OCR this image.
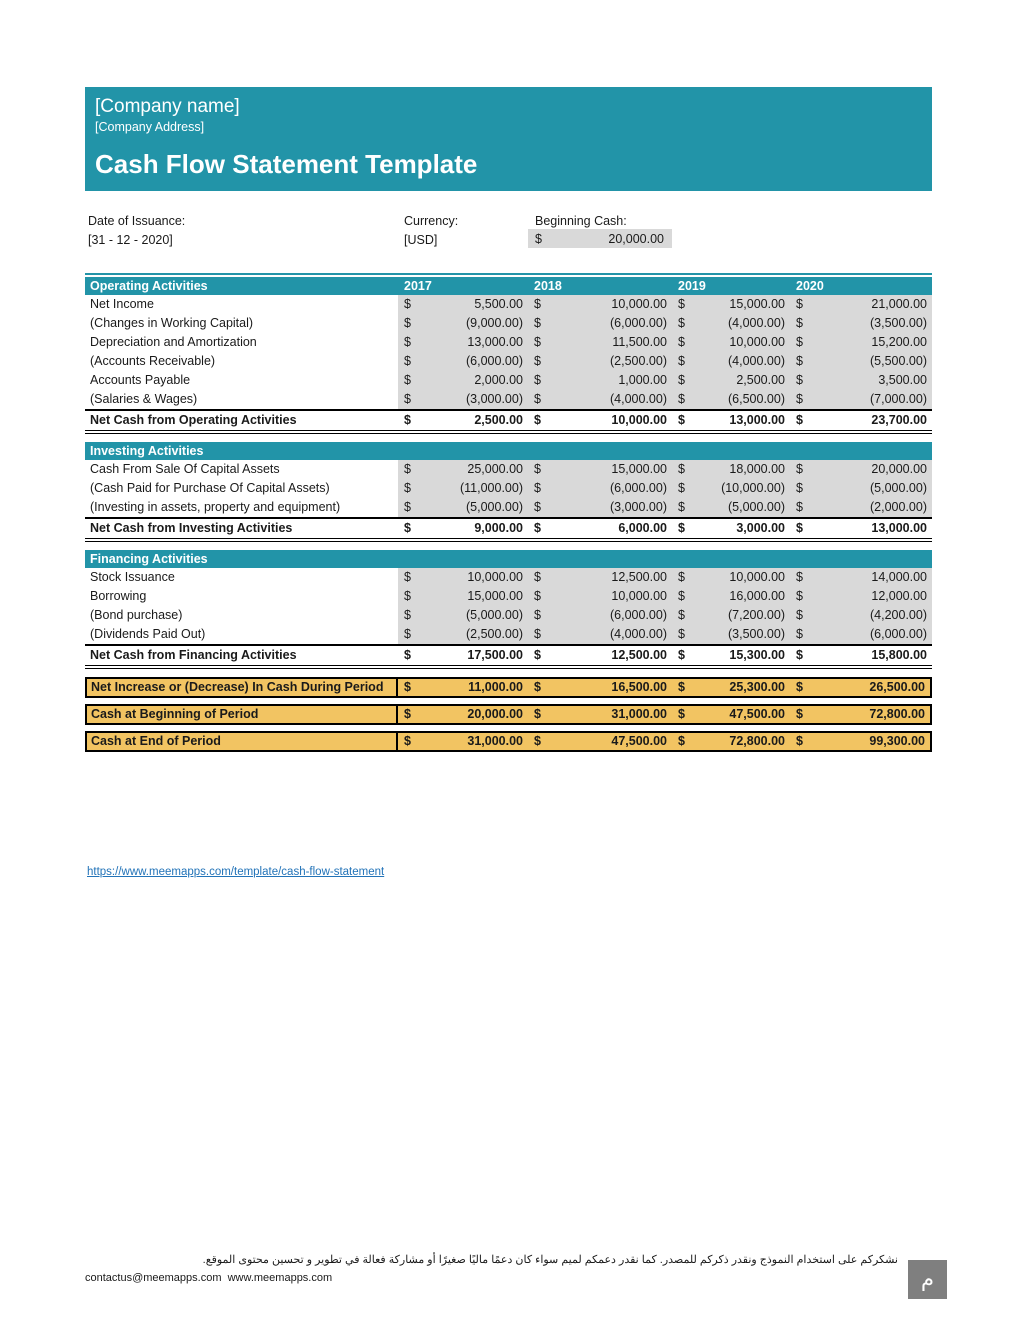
[Company name]
[Company Address]
Cash Flow Statement Template
Date of Issuance:
[31 - 12 - 2020]
Currency:
[USD]
Beginning Cash:
$	20,000.00
Operating Activities	2017	2018	2019	2020
Net Income	$	5,500.00 $	10,000.00 $	15,000.00 $	21,000.00
(Changes in Working Capital)	$	(9,000.00) $	(6,000.00) $	(4,000.00) $	(3,500.00)
Depreciation and Amortization	$	13,000.00 $	11,500.00 $	10,000.00 $	15,200.00
(Accounts Receivable)	$	(6,000.00) $	(2,500.00) $	(4,000.00) $	(5,500.00)
Accounts Payable	$	2,000.00 $	1,000.00 $	2,500.00 $	3,500.00
(Salaries & Wages)	$	(3,000.00) $	(4,000.00) $	(6,500.00) $	(7,000.00)
Net Cash from Operating Activities	$	2,500.00 $	10,000.00 $	13,000.00 $	23,700.00
Investing Activities
Cash From Sale Of Capital Assets	$	25,000.00 $	15,000.00 $	18,000.00 $	20,000.00
(Cash Paid for Purchase Of Capital Assets)	$	(11,000.00) $	(6,000.00) $	(10,000.00) $	(5,000.00)
(Investing in assets, property and equipment)	$	(5,000.00) $	(3,000.00) $	(5,000.00) $	(2,000.00)
Net Cash from Investing Activities	$	9,000.00 $	6,000.00 $	3,000.00 $	13,000.00
Financing Activities
Stock Issuance	$	10,000.00 $	12,500.00 $	10,000.00 $	14,000.00
Borrowing	$	15,000.00 $	10,000.00 $	16,000.00 $	12,000.00
(Bond purchase)	$	(5,000.00) $	(6,000.00) $	(7,200.00) $	(4,200.00)
(Dividends Paid Out)	$	(2,500.00) $	(4,000.00) $	(3,500.00) $	(6,000.00)
Net Cash from Financing Activities	$	17,500.00 $	12,500.00 $	15,300.00 $	15,800.00
Net Increase or (Decrease) In Cash During Period	$	11,000.00 $	16,500.00 $	25,300.00 $	26,500.00
Cash at Beginning of Period	$	20,000.00 $	31,000.00 $	47,500.00 $	72,800.00
Cash at End of Period	$	31,000.00 $	47,500.00 $	72,800.00 $	99,300.00
https://www.meemapps.com/template/cash-flow-statement
نشكركم على استخدام النموذج ونقدر ذكركم للمصدر. كما نقدر دعمكم لميم سواء كان دعمًا ماليًا صغيرًا أو مشاركة فعالة في تطوير و تحسين محتوى الموقع.
contactus@meemapps.com  www.meemapps.com	م
